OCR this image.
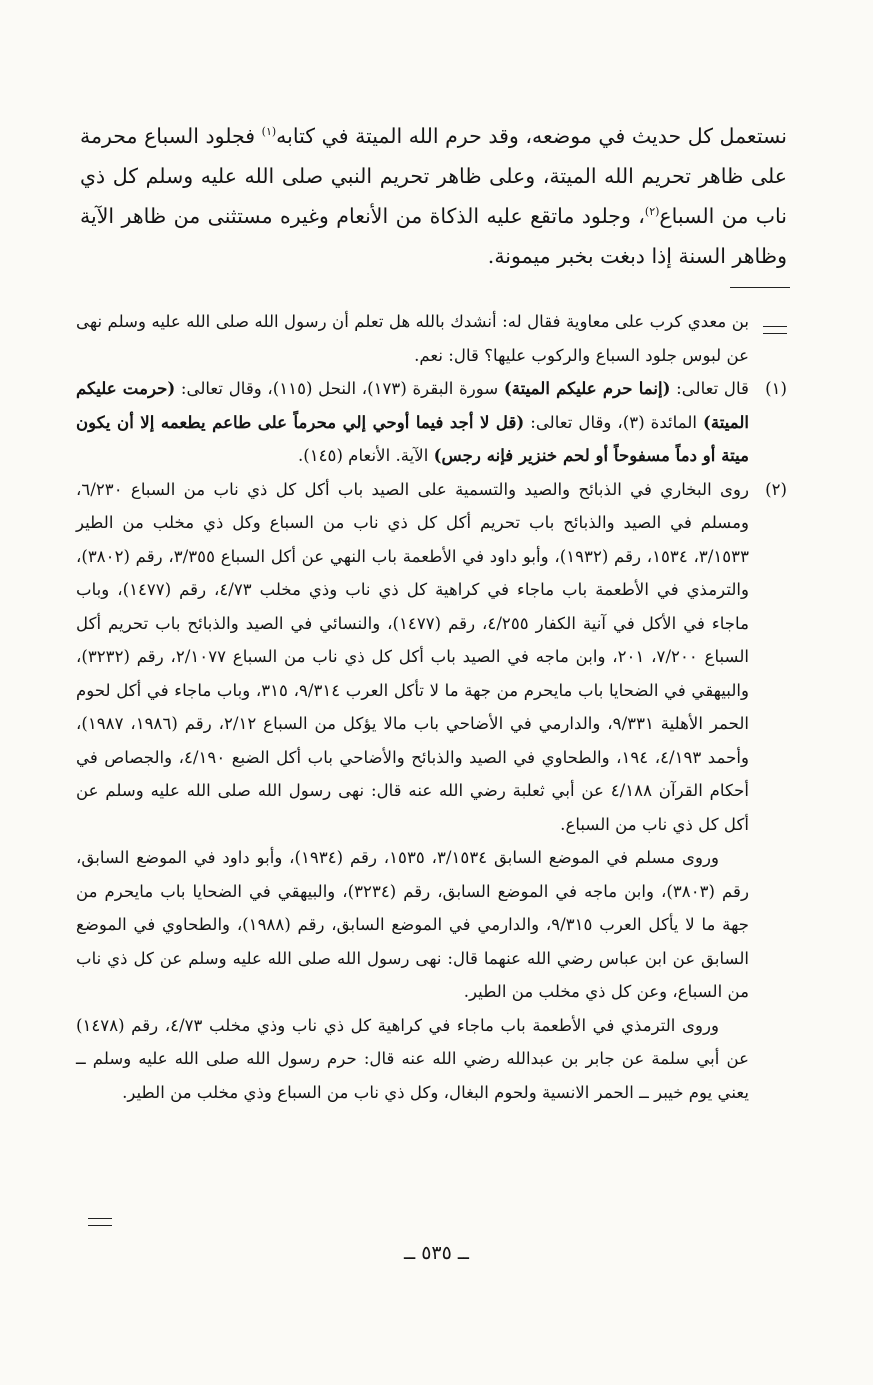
نستعمل كل حديث في موضعه، وقد حرم الله الميتة في كتابه$^{(١)}$ فجلود السباع محرمة على ظاهر تحريم الله الميتة، وعلى ظاهر تحريم النبي صلى الله عليه وسلم كل ذي ناب من السباع$^{(٢)}$، وجلود ماتقع عليه الذكاة من الأنعام وغيره مستثنى من ظاهر الآية وظاهر السنة إذا دبغت بخبر ميمونة.

بن معدي كرب على معاوية فقال له: أنشدك بالله هل تعلم أن رسول الله صلى الله عليه وسلم نهى عن لبوس جلود السباع والركوب عليها؟ قال: نعم.
(١)
قال تعالى: (إنما حرم عليكم الميتة) سورة البقرة (١٧٣)، النحل (١١٥)، وقال تعالى: (حرمت عليكم الميتة) المائدة (٣)، وقال تعالى: (قل لا أجد فيما أوحي إلي محرماً على طاعم يطعمه إلا أن يكون ميتة أو دماً مسفوحاً أو لحم خنزير فإنه رجس) الآية. الأنعام (١٤٥).
(٢)

روى البخاري في الذبائح والصيد والتسمية على الصيد باب أكل كل ذي ناب من السباع ٦/٢٣٠، ومسلم في الصيد والذبائح باب تحريم أكل كل ذي ناب من السباع وكل ذي مخلب من الطير ٣/١٥٣٣، ١٥٣٤، رقم (١٩٣٢)، وأبو داود في الأطعمة باب النهي عن أكل السباع ٣/٣٥٥، رقم (٣٨٠٢)، والترمذي في الأطعمة باب ماجاء في كراهية كل ذي ناب وذي مخلب ٤/٧٣، رقم (١٤٧٧)، وباب ماجاء في الأكل في آنية الكفار ٤/٢٥٥، رقم (١٤٧٧)، والنسائي في الصيد والذبائح باب تحريم أكل السباع ٧/٢٠٠، ٢٠١، وابن ماجه في الصيد باب أكل كل ذي ناب من السباع ٢/١٠٧٧، رقم (٣٢٣٢)، والبيهقي في الضحايا باب مايحرم من جهة ما لا تأكل العرب ٩/٣١٤، ٣١٥، وباب ماجاء في أكل لحوم الحمر الأهلية ٩/٣٣١، والدارمي في الأضاحي باب مالا يؤكل من السباع ٢/١٢، رقم (١٩٨٦، ١٩٨٧)، وأحمد ٤/١٩٣، ١٩٤، والطحاوي في الصيد والذبائح والأضاحي باب أكل الضبع ٤/١٩٠، والجصاص في أحكام القرآن ٤/١٨٨ عن أبي ثعلبة رضي الله عنه قال: نهى رسول الله صلى الله عليه وسلم عن أكل كل ذي ناب من السباع.

وروى مسلم في الموضع السابق ٣/١٥٣٤، ١٥٣٥، رقم (١٩٣٤)، وأبو داود في الموضع السابق، رقم (٣٨٠٣)، وابن ماجه في الموضع السابق، رقم (٣٢٣٤)، والبيهقي في الضحايا باب مايحرم من جهة ما لا يأكل العرب ٩/٣١٥، والدارمي في الموضع السابق، رقم (١٩٨٨)، والطحاوي في الموضع السابق عن ابن عباس رضي الله عنهما قال: نهى رسول الله صلى الله عليه وسلم عن كل ذي ناب من السباع، وعن كل ذي مخلب من الطير.

وروى الترمذي في الأطعمة باب ماجاء في كراهية كل ذي ناب وذي مخلب ٤/٧٣، رقم (١٤٧٨) عن أبي سلمة عن جابر بن عبدالله رضي الله عنه قال: حرم رسول الله صلى الله عليه وسلم ــ يعني يوم خيبر ــ الحمر الانسية ولحوم البغال، وكل ذي ناب من السباع وذي مخلب من الطير.

ــ ٥٣٥ ــ
